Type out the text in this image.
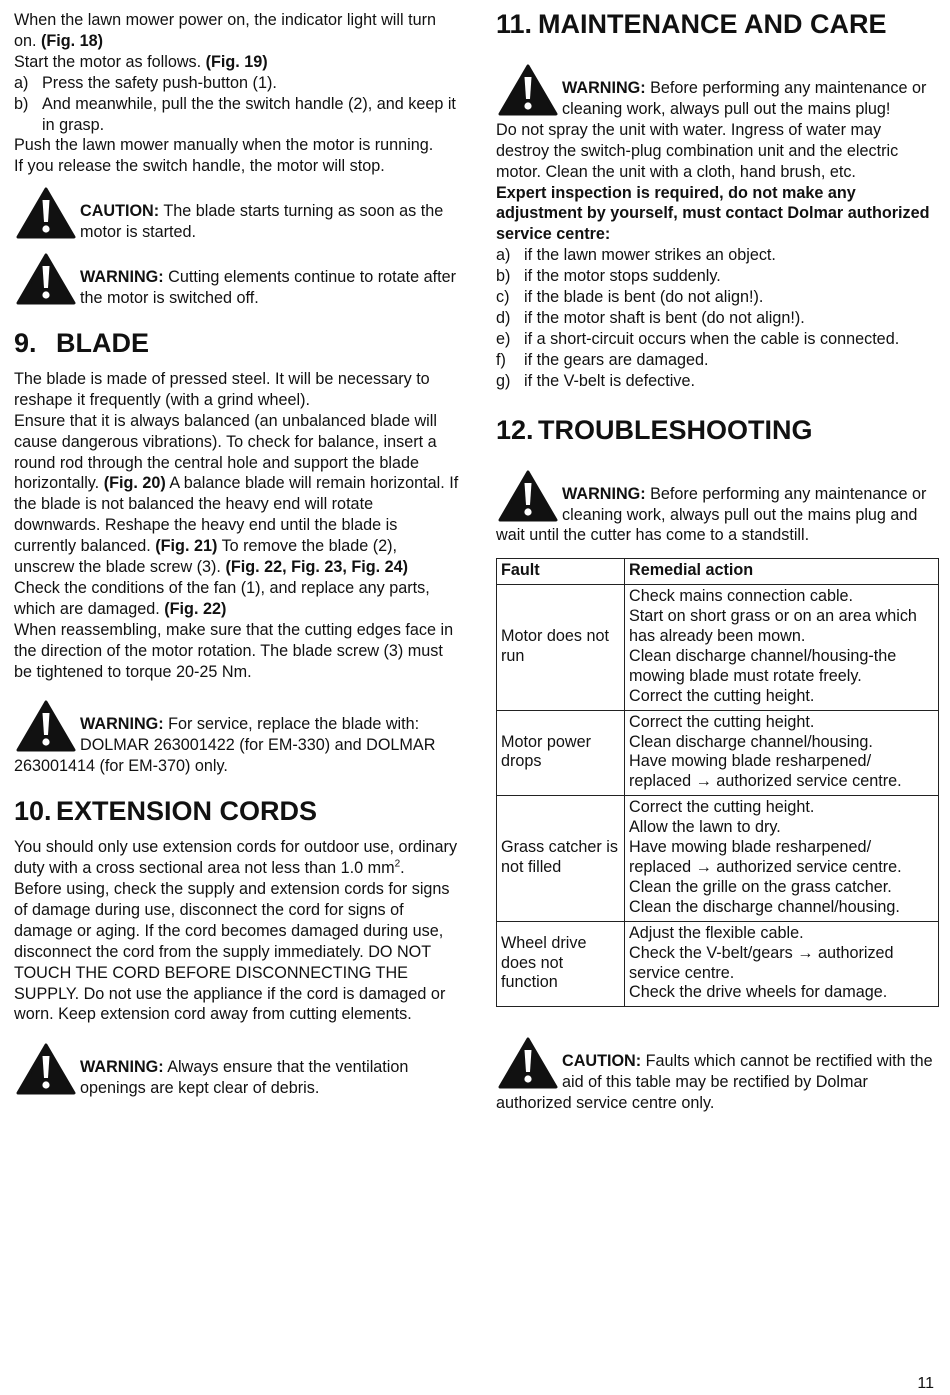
When the lawn mower power on, the indicator light will turn on. (Fig. 18)

Start the motor as follows. (Fig. 19)

a) Press the safety push-button (1).
b) And meanwhile, pull the the switch handle (2), and keep it in grasp.

Push the lawn mower manually when the motor is running.

If you release the switch handle, the motor will stop.

CAUTION: The blade starts turning as soon as the motor is started.

WARNING: Cutting elements continue to rotate after the motor is switched off.

9. BLADE

The blade is made of pressed steel. It will be necessary to reshape it frequently (with a grind wheel).

Ensure that it is always balanced (an unbalanced blade will cause dangerous vibrations). To check for balance, insert a round rod through the central hole and support the blade horizontally. (Fig. 20) A balance blade will remain horizontal. If the blade is not balanced the heavy end will rotate downwards. Reshape the heavy end until the blade is currently balanced. (Fig. 21) To remove the blade (2), unscrew the blade screw (3). (Fig. 22, Fig. 23, Fig. 24)

Check the conditions of the fan (1), and replace any parts, which are damaged. (Fig. 22)

When reassembling, make sure that the cutting edges face in the direction of the motor rotation. The blade screw (3) must be tightened to torque 20-25 Nm.

WARNING: For service, replace the blade with: DOLMAR 263001422 (for EM-330) and DOLMAR 263001414 (for EM-370) only.

10. EXTENSION CORDS

You should only use extension cords for outdoor use, ordinary duty with a cross sectional area not less than 1.0 $mm^2$.

Before using, check the supply and extension cords for signs of damage during use, disconnect the cord for signs of damage or aging. If the cord becomes damaged during use, disconnect the cord from the supply immediately. DO NOT TOUCH THE CORD BEFORE DISCONNECTING THE SUPPLY. Do not use the appliance if the cord is damaged or worn. Keep extension cord away from cutting elements.

WARNING: Always ensure that the ventilation openings are kept clear of debris.

11. MAINTENANCE AND CARE

WARNING: Before performing any maintenance or cleaning work, always pull out the mains plug!

Do not spray the unit with water. Ingress of water may destroy the switch-plug combination unit and the electric motor. Clean the unit with a cloth, hand brush, etc.

Expert inspection is required, do not make any adjustment by yourself, must contact Dolmar authorized service centre:

a) if the lawn mower strikes an object.
b) if the motor stops suddenly.
c) if the blade is bent (do not align!).
d) if the motor shaft is bent (do not align!).
e) if a short-circuit occurs when the cable is connected.
f) if the gears are damaged.
g) if the V-belt is defective.
12. TROUBLESHOOTING

WARNING: Before performing any maintenance or cleaning work, always pull out the mains plug and wait until the cutter has come to a standstill.

Fault	Remedial action
Motor does not run	Check mains connection cable.
Start on short grass or on an area which has already been mown.
Clean discharge channel/housing-the mowing blade must rotate freely.
Correct the cutting height.

Motor power drops	Correct the cutting height.
Clean discharge channel/housing.
Have mowing blade resharpened/ replaced → authorized service centre.

Grass catcher is not filled	Correct the cutting height.
Allow the lawn to dry.
Have mowing blade resharpened/ replaced → authorized service centre.
Clean the grille on the grass catcher.
Clean the discharge channel/housing.

Wheel drive does not function	Adjust the flexible cable.
Check the V-belt/gears → authorized service centre.
Check the drive wheels for damage.

CAUTION: Faults which cannot be rectified with the aid of this table may be rectified by Dolmar authorized service centre only.

11
